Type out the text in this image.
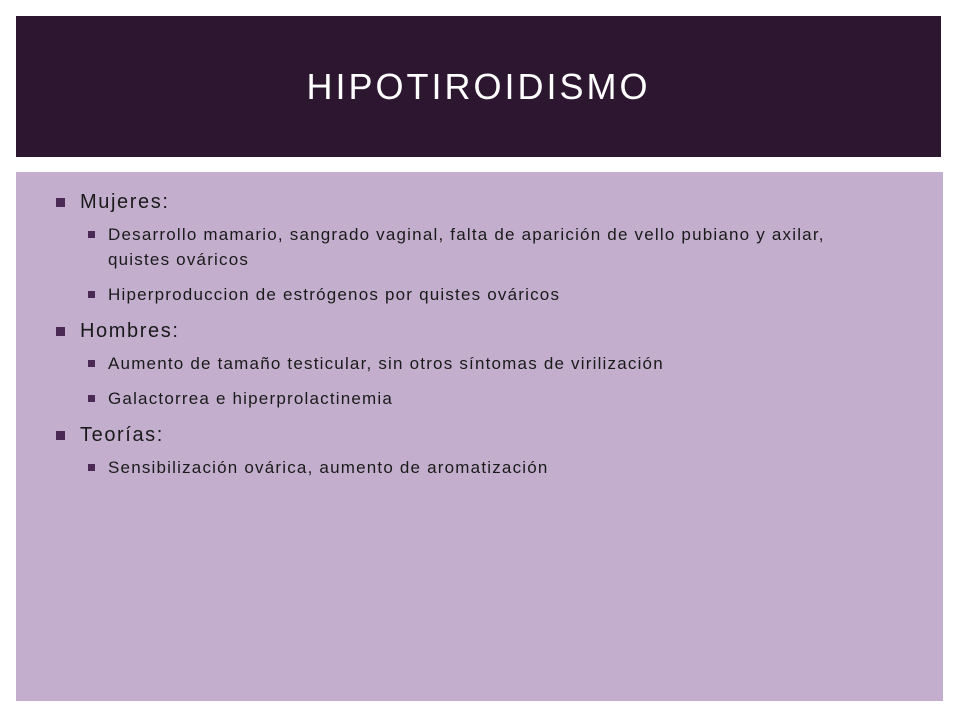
HIPOTIROIDISMO
Mujeres:
Desarrollo mamario, sangrado vaginal, falta de aparición de vello pubiano y axilar, quistes ováricos
Hiperproduccion de estrógenos por quistes ováricos
Hombres:
Aumento de tamaño testicular, sin otros síntomas de virilización
Galactorrea e hiperprolactinemia
Teorías:
Sensibilización ovárica, aumento de aromatización
